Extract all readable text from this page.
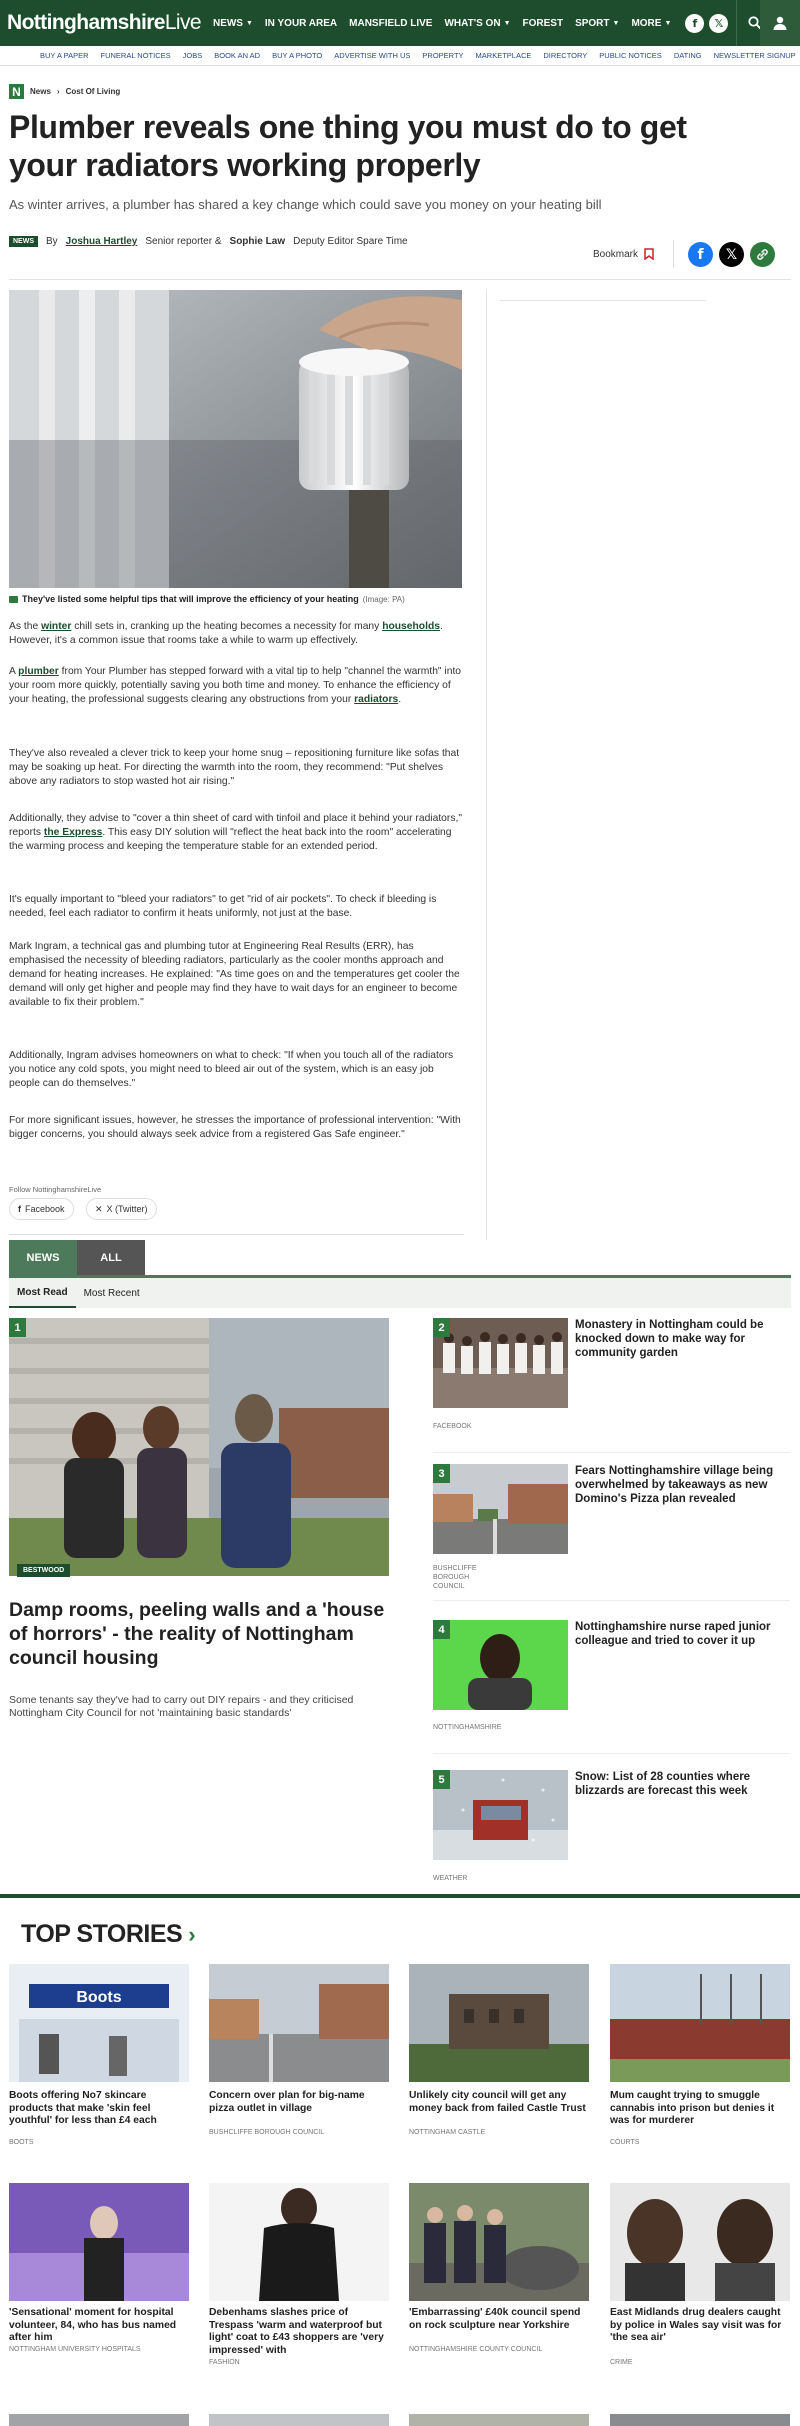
NottinghamshireLive NEWS ▼ IN YOUR AREA MANSFIELD LIVE WHAT'S ON ▼ FOREST SPORT ▼ MORE ▼	f	𝕏
BUY A PAPER	FUNERAL NOTICES	JOBS	BOOK AN AD	BUY A PHOTO	ADVERTISE WITH US	PROPERTY	MARKETPLACE	DIRECTORY	PUBLIC NOTICES	DATING	NEWSLETTER SIGNUP
N	News › Cost Of Living
Plumber reveals one thing you must do to get your radiators working properly

As winter arrives, a plumber has shared a key change which could save you money on your heating bill

NEWS	By Joshua Hartley Senior reporter & Sophie Law Deputy Editor Spare Time
Bookmark	f	𝕏
They've listed some helpful tips that will improve the efficiency of your heating (Image: PA)

As the winter chill sets in, cranking up the heating becomes a necessity for many households. However, it's a common issue that rooms take a while to warm up effectively.

A plumber from Your Plumber has stepped forward with a vital tip to help "channel the warmth" into your room more quickly, potentially saving you both time and money. To enhance the efficiency of your heating, the professional suggests clearing any obstructions from your radiators.

They've also revealed a clever trick to keep your home snug – repositioning furniture like sofas that may be soaking up heat. For directing the warmth into the room, they recommend: "Put shelves above any radiators to stop wasted hot air rising."

Additionally, they advise to "cover a thin sheet of card with tinfoil and place it behind your radiators," reports the Express. This easy DIY solution will "reflect the heat back into the room" accelerating the warming process and keeping the temperature stable for an extended period.

It's equally important to "bleed your radiators" to get "rid of air pockets". To check if bleeding is needed, feel each radiator to confirm it heats uniformly, not just at the base.

Mark Ingram, a technical gas and plumbing tutor at Engineering Real Results (ERR), has emphasised the necessity of bleeding radiators, particularly as the cooler months approach and demand for heating increases. He explained: "As time goes on and the temperatures get cooler the demand will only get higher and people may find they have to wait days for an engineer to become available to fix their problem."

Additionally, Ingram advises homeowners on what to check: "If when you touch all of the radiators you notice any cold spots, you might need to bleed air out of the system, which is an easy job people can do themselves."

For more significant issues, however, he stresses the importance of professional intervention: "With bigger concerns, you should always seek advice from a registered Gas Safe engineer."

Follow NottinghamshireLive
f Facebook	✕ X (Twitter)
NEWS	ALL
Most Read	Most Recent
1
BESTWOOD
Damp rooms, peeling walls and a 'house of horrors' - the reality of Nottingham council housing

Some tenants say they've had to carry out DIY repairs - and they criticised Nottingham City Council for not 'maintaining basic standards'

2	Monastery in Nottingham could be knocked down to make way for community garden
FACEBOOK
3	Fears Nottinghamshire village being overwhelmed by takeaways as new Domino's Pizza plan revealed
BUSHCLIFFE BOROUGH COUNCIL
4	Nottinghamshire nurse raped junior colleague and tried to cover it up
NOTTINGHAMSHIRE
5	Snow: List of 28 counties where blizzards are forecast this week
WEATHER
TOP STORIES ›
Boots
Boots offering No7 skincare products that make 'skin feel youthful' for less than £4 each
BOOTS
Concern over plan for big-name pizza outlet in village
BUSHCLIFFE BOROUGH COUNCIL
Unlikely city council will get any money back from failed Castle Trust
NOTTINGHAM CASTLE
Mum caught trying to smuggle cannabis into prison but denies it was for murderer
COURTS
'Sensational' moment for hospital volunteer, 84, who has bus named after him
NOTTINGHAM UNIVERSITY HOSPITALS
Debenhams slashes price of Trespass 'warm and waterproof but light' coat to £43 shoppers are 'very impressed' with
FASHION
'Embarrassing' £40k council spend on rock sculpture near Yorkshire
NOTTINGHAMSHIRE COUNTY COUNCIL
East Midlands drug dealers caught by police in Wales say visit was for 'the sea air'
CRIME
